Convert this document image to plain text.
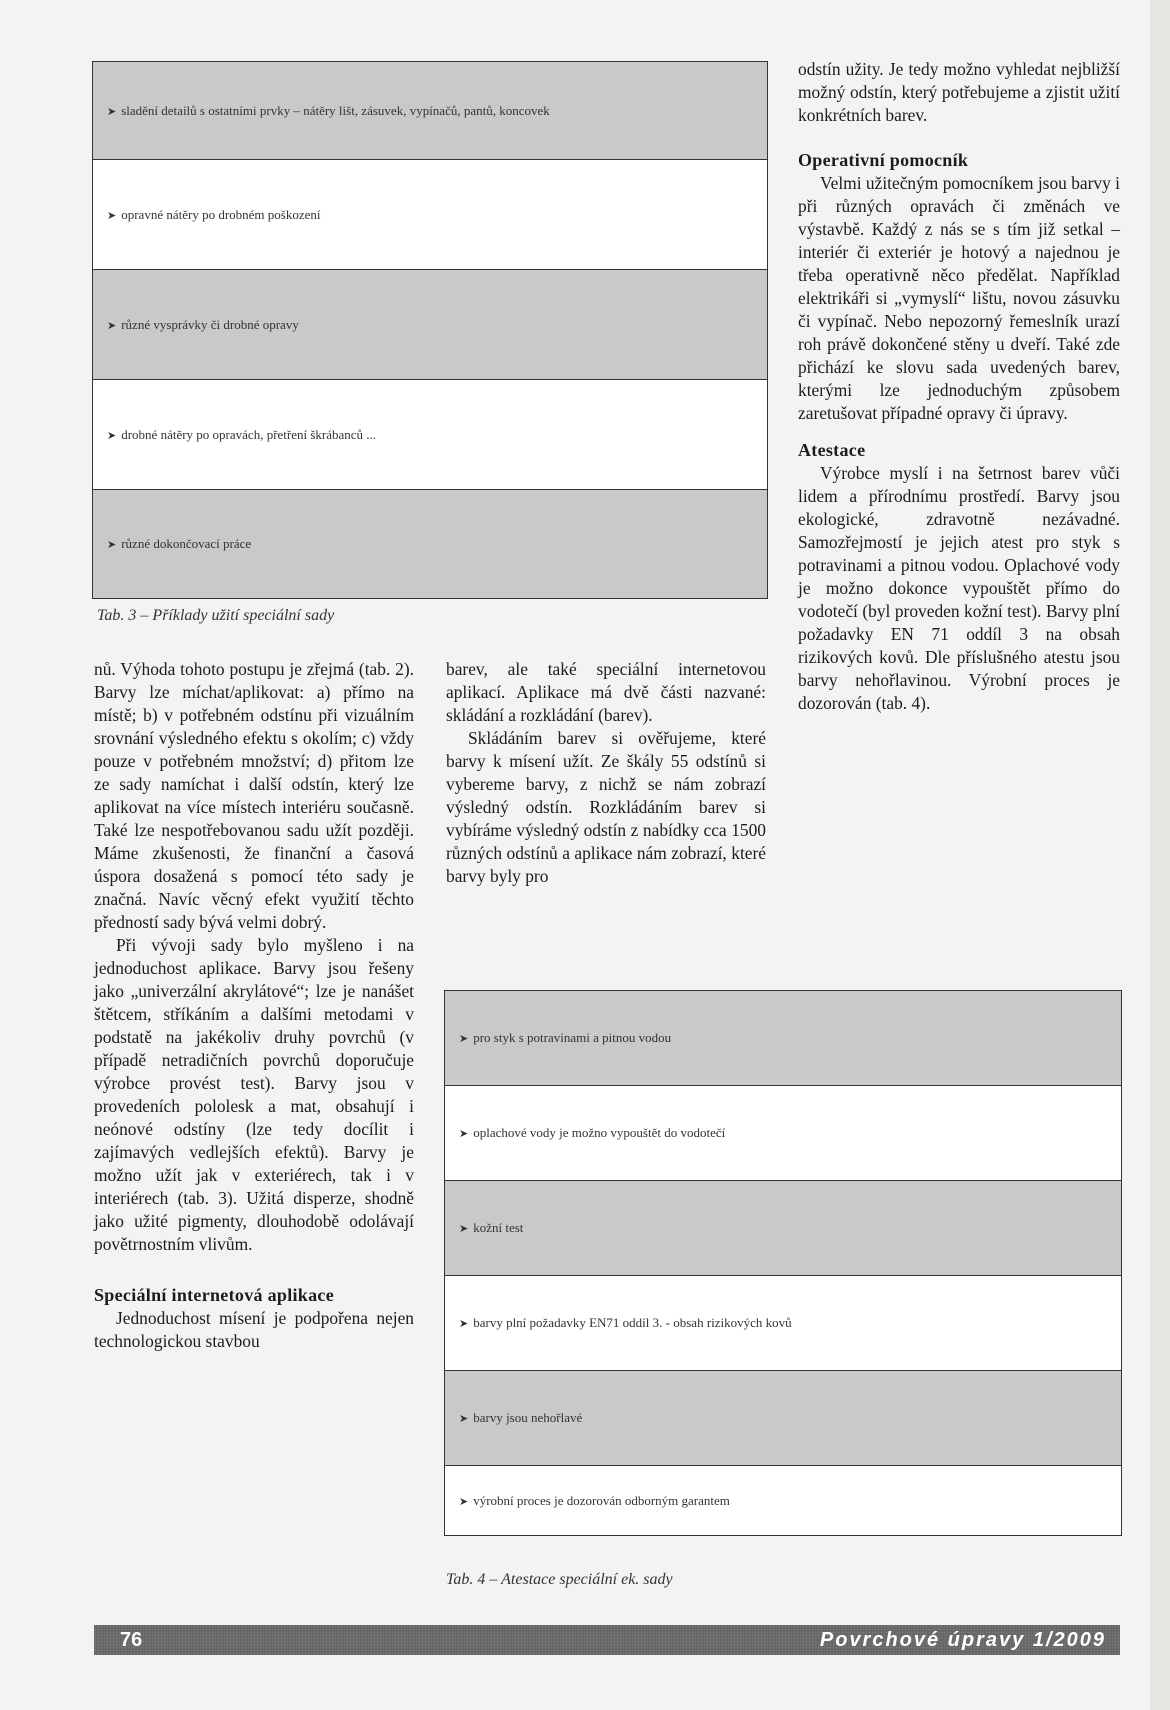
➤ sladění detailů s ostatními prvky – nátěry lišt, zásuvek, vypínačů, pantů, koncovek
➤ opravné nátěry po drobném poškození
➤ různé vysprávky či drobné opravy
➤ drobné nátěry po opravách, přetření škrábanců ...
➤ různé dokončovací práce
Tab. 3 – Příklady užití speciální sady

nů. Výhoda tohoto postupu je zřejmá (tab. 2). Barvy lze míchat/aplikovat: a) přímo na místě; b) v potřebném odstínu při vizuálním srovnání výsledného efektu s okolím; c) vždy pouze v potřebném množství; d) přitom lze ze sady namíchat i další odstín, který lze aplikovat na více místech interiéru současně. Také lze nespotřebovanou sadu užít později. Máme zkušenosti, že finanční a časová úspora dosažená s pomocí této sady je značná. Navíc věcný efekt využití těchto předností sady bývá velmi dobrý.

Při vývoji sady bylo myšleno i na jednoduchost aplikace. Barvy jsou řešeny jako „univerzální akrylátové“; lze je nanášet štětcem, stříkáním a dalšími metodami v podstatě na jakékoliv druhy povrchů (v případě netradičních povrchů doporučuje výrobce provést test). Barvy jsou v provedeních pololesk a mat, obsahují i neónové odstíny (lze tedy docílit i zajímavých vedlejších efektů). Barvy je možno užít jak v exteriérech, tak i v interiérech (tab. 3). Užitá disperze, shodně jako užité pigmenty, dlouhodobě odolávají povětrnostním vlivům.

Speciální internetová aplikace

Jednoduchost mísení je podpořena nejen technologickou stavbou

barev, ale také speciální internetovou aplikací. Aplikace má dvě části nazvané: skládání a rozkládání (barev).

Skládáním barev si ověřujeme, které barvy k mísení užít. Ze škály 55 odstínů si vybereme barvy, z nichž se nám zobrazí výsledný odstín. Rozkládáním barev si vybíráme výsledný odstín z nabídky cca 1500 různých odstínů a aplikace nám zobrazí, které barvy byly pro

odstín užity. Je tedy možno vyhledat nejbližší možný odstín, který potřebujeme a zjistit užití konkrétních barev.

Operativní pomocník

Velmi užitečným pomocníkem jsou barvy i při různých opravách či změnách ve výstavbě. Každý z nás se s tím již setkal – interiér či exteriér je hotový a najednou je třeba operativně něco předělat. Například elektrikáři si „vymyslí“ lištu, novou zásuvku či vypínač. Nebo nepozorný řemeslník urazí roh právě dokončené stěny u dveří. Také zde přichází ke slovu sada uvedených barev, kterými lze jednoduchým způsobem zaretušovat případné opravy či úpravy.

Atestace

Výrobce myslí i na šetrnost barev vůči lidem a přírodnímu prostředí. Barvy jsou ekologické, zdravotně nezávadné. Samozřejmostí je jejich atest pro styk s potravinami a pitnou vodou. Oplachové vody je možno dokonce vypouštět přímo do vodotečí (byl proveden kožní test). Barvy plní požadavky EN 71 oddíl 3 na obsah rizikových kovů. Dle příslušného atestu jsou barvy nehořlavinou. Výrobní proces je dozorován (tab. 4).

➤ pro styk s potravinami a pitnou vodou
➤ oplachové vody je možno vypouštět do vodotečí
➤ kožní test
➤ barvy plní požadavky EN71 oddíl 3. - obsah rizikových kovů
➤ barvy jsou nehořlavé
➤ výrobní proces je dozorován odborným garantem
Tab. 4 – Atestace speciální ek. sady
76	Povrchové úpravy 1/2009
